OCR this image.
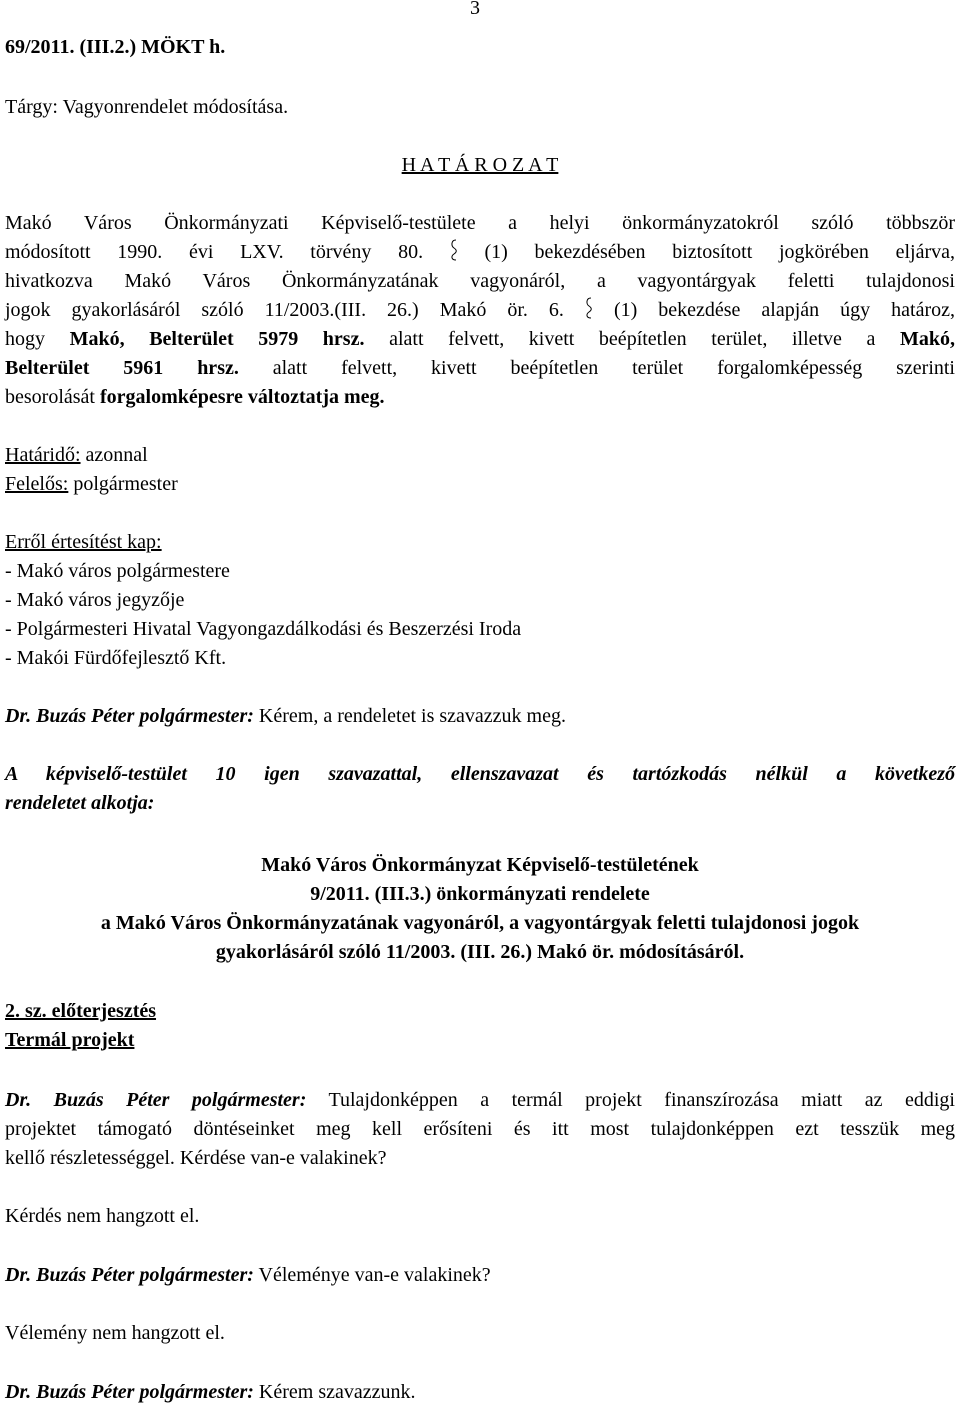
3
69/2011. (III.2.) MÖKT h.
Tárgy: Vagyonrendelet módosítása.
H A T Á R O Z A T
Makó Város Önkormányzati Képviselő-testülete a helyi önkormányzatokról szóló többször
módosított 1990. évi LXV. törvény 80.	(1) bekezdésében biztosított jogkörében eljárva,
hivatkozva Makó Város Önkormányzatának vagyonáról, a vagyontárgyak feletti tulajdonosi
jogok gyakorlásáról szóló 11/2003.(III. 26.) Makó ör. 6.	(1) bekezdése alapján úgy határoz,
hogy Makó, Belterület 5979 hrsz. alatt felvett, kivett beépítetlen terület, illetve a Makó,
Belterület 5961 hrsz. alatt felvett, kivett beépítetlen terület forgalomképesség szerinti
besorolását forgalomképesre változtatja meg.
Határidő: azonnal
Felelős: polgármester
Erről értesítést kap:
- Makó város polgármestere
- Makó város jegyzője
- Polgármesteri Hivatal Vagyongazdálkodási és Beszerzési Iroda
- Makói Fürdőfejlesztő Kft.
Dr. Buzás Péter polgármester: Kérem, a rendeletet is szavazzuk meg.
A képviselő-testület 10 igen szavazattal, ellenszavazat és tartózkodás nélkül a következő
rendeletet alkotja:
Makó Város Önkormányzat Képviselő-testületének
9/2011. (III.3.) önkormányzati rendelete
a Makó Város Önkormányzatának vagyonáról, a vagyontárgyak feletti tulajdonosi jogok
gyakorlásáról szóló 11/2003. (III. 26.) Makó ör. módosításáról.
2. sz. előterjesztés
Termál projekt
Dr. Buzás Péter polgármester: Tulajdonképpen a termál projekt finanszírozása miatt az eddigi
projektet támogató döntéseinket meg kell erősíteni és itt most tulajdonképpen ezt tesszük meg
kellő részletességgel. Kérdése van-e valakinek?
Kérdés nem hangzott el.
Dr. Buzás Péter polgármester: Véleménye van-e valakinek?
Vélemény nem hangzott el.
Dr. Buzás Péter polgármester: Kérem szavazzunk.
